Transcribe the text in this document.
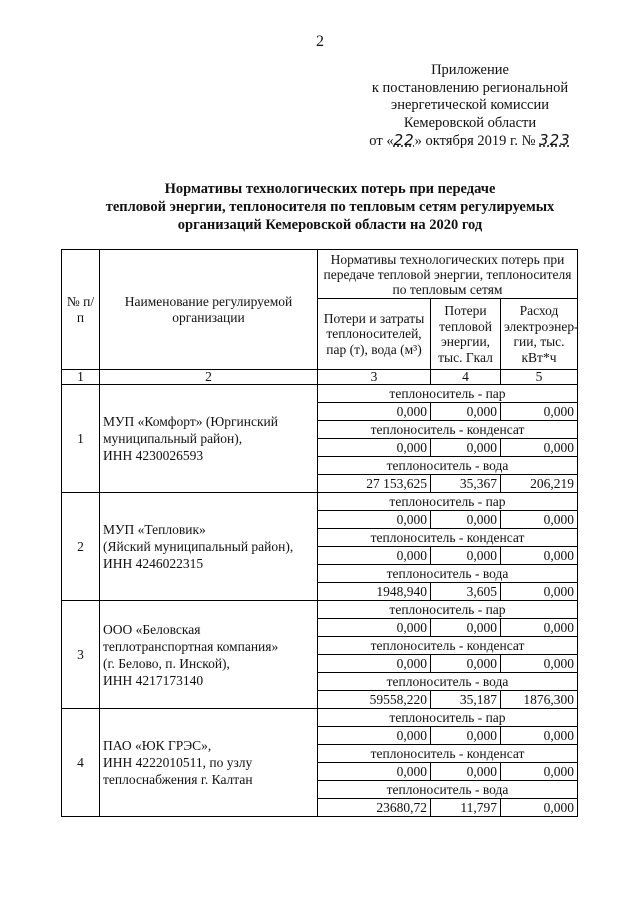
2
Приложение
к постановлению региональной
энергетической комиссии
Кемеровской области
от «22» октября 2019 г. № 323
Нормативы технологических потерь при передаче
тепловой энергии, теплоносителя по тепловым сетям регулируемых
организаций Кемеровской области на 2020 год
№ п/п	Наименование регулируемой организации	Нормативы технологических потерь при передаче тепловой энергии, теплоносителя по тепловым сетям		
		Потери и затраты теплоносителей, пар (т), вода (м³)	Потери тепловой энергии, тыс. Гкал	Расход электроэнер-гии, тыс. кВт*ч
1	2	3	4	5
1	МУП «Комфорт» (Юргинский
муниципальный район),
ИНН 4230026593	теплоноситель - пар		
		0,000	0,000	0,000
		теплоноситель - конденсат		
		0,000	0,000	0,000
		теплоноситель - вода		
		27 153,625	35,367	206,219
2	МУП «Тепловик»
(Яйский муниципальный район),
ИНН 4246022315	теплоноситель - пар		
		0,000	0,000	0,000
		теплоноситель - конденсат		
		0,000	0,000	0,000
		теплоноситель - вода		
		1948,940	3,605	0,000
3	ООО «Беловская
теплотранспортная компания»
(г. Белово, п. Инской),
ИНН 4217173140	теплоноситель - пар		
		0,000	0,000	0,000
		теплоноситель - конденсат		
		0,000	0,000	0,000
		теплоноситель - вода		
		59558,220	35,187	1876,300
4	ПАО «ЮК ГРЭС»,
ИНН 4222010511, по узлу
теплоснабжения г. Калтан	теплоноситель - пар		
		0,000	0,000	0,000
		теплоноситель - конденсат		
		0,000	0,000	0,000
		теплоноситель - вода		
		23680,72	11,797	0,000
